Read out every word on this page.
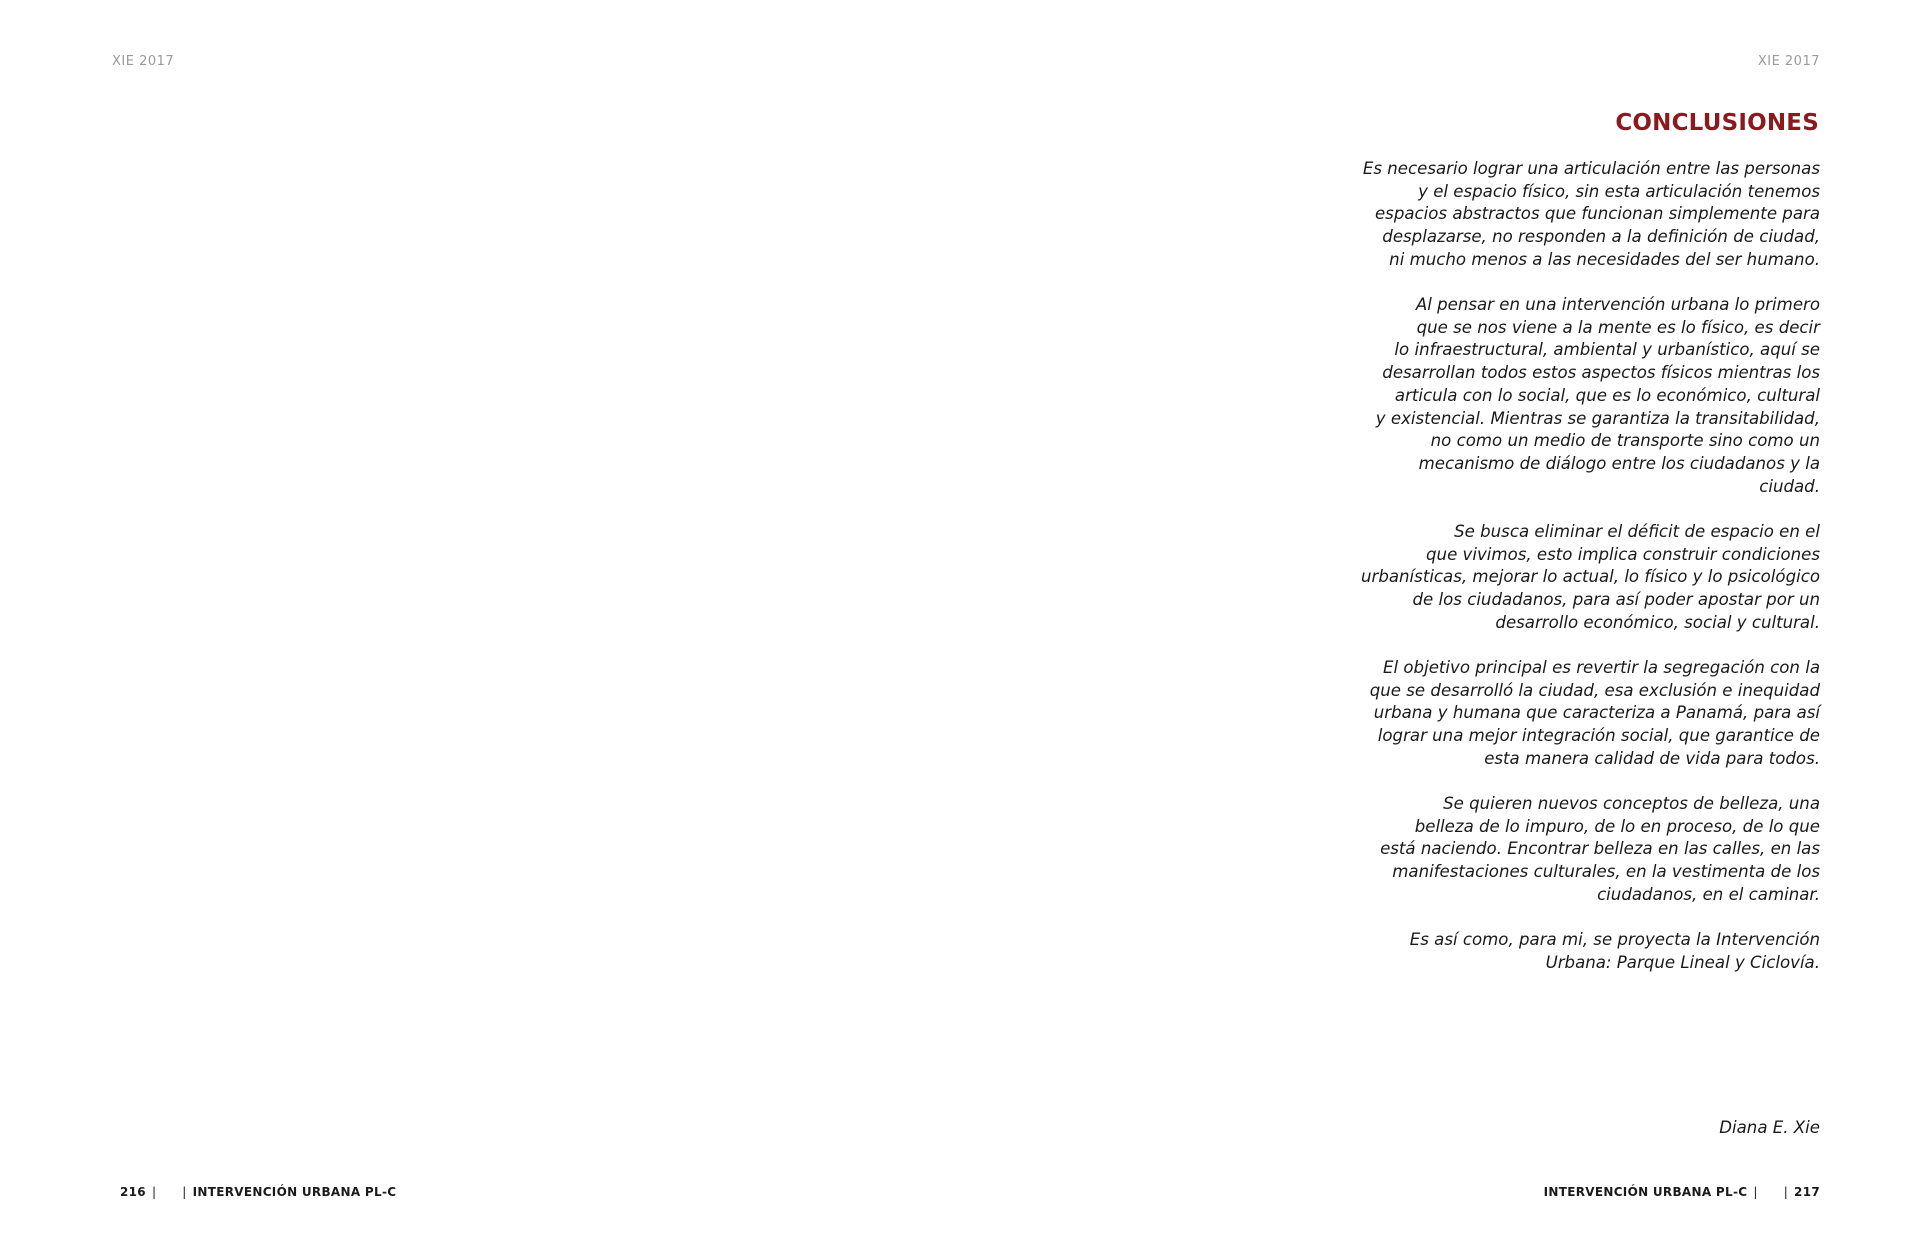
XIE 2017	XIE 2017
CONCLUSIONES

Es necesario lograr una articulación entre las personas
y el espacio físico, sin esta articulación tenemos
espacios abstractos que funcionan simplemente para
desplazarse, no responden a la definición de ciudad,
ni mucho menos a las necesidades del ser humano.

Al pensar en una intervención urbana lo primero
que se nos viene a la mente es lo físico, es decir
lo infraestructural, ambiental y urbanístico, aquí se
desarrollan todos estos aspectos físicos mientras los
articula con lo social, que es lo económico, cultural
y existencial. Mientras se garantiza la transitabilidad,
no como un medio de transporte sino como un
mecanismo de diálogo entre los ciudadanos y la
ciudad.

Se busca eliminar el déficit de espacio en el
que vivimos, esto implica construir condiciones
urbanísticas, mejorar lo actual, lo físico y lo psicológico
de los ciudadanos, para así poder apostar por un
desarrollo económico, social y cultural.

El objetivo principal es revertir la segregación con la
que se desarrolló la ciudad, esa exclusión e inequidad
urbana y humana que caracteriza a Panamá, para así
lograr una mejor integración social, que garantice de
esta manera calidad de vida para todos.

Se quieren nuevos conceptos de belleza, una
belleza de lo impuro, de lo en proceso, de lo que
está naciendo. Encontrar belleza en las calles, en las
manifestaciones culturales, en la vestimenta de los
ciudadanos, en el caminar.

Es así como, para mi, se proyecta la Intervención
Urbana: Parque Lineal y Ciclovía.

Diana E. Xie

216 | | INTERVENCIÓN URBANA PL-C	INTERVENCIÓN URBANA PL-C | | 217
